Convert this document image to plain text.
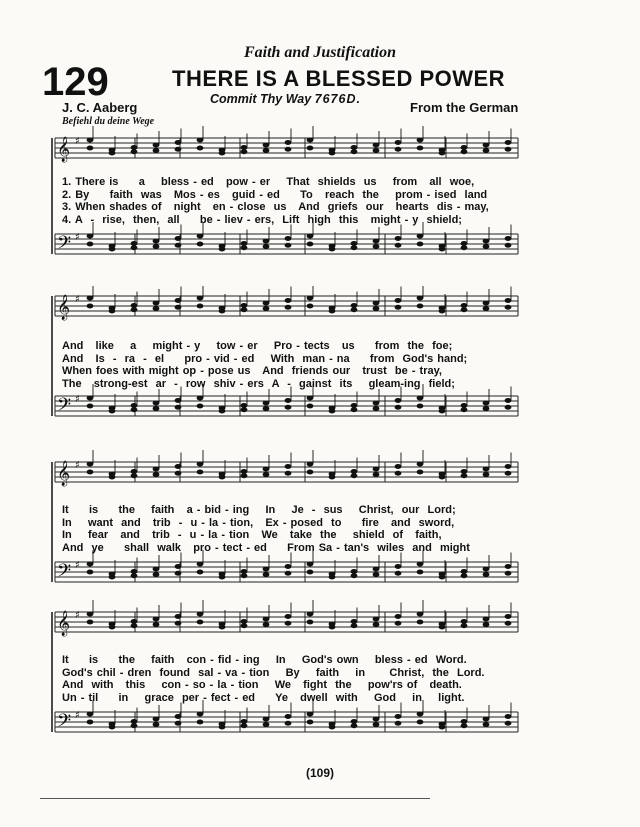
Faith and Justification
129	THERE IS A BLESSED POWER
Commit Thy Way 7676D.
J. C. Aaberg	From the German
Befiehl du deine Wege
𝄞 ♯
𝄢 ♯
1. There is     a    bless - ed   pow - er    That  shields  us    from   all  woe,
2. By     faith  was   Mos - es   guid - ed     To   reach  the    prom - ised  land
3. When shades of   night   en - close  us   And  griefs  our   hearts  dis - may,
4. A  -  rise,  then,  all     be - liev - ers,  Lift  high  this   might - y  shield;
𝄞 ♯
𝄢 ♯
And   like    a    might - y    tow - er    Pro - tects   us     from  the  foe;
And   Is  -  ra  -  el     pro - vid - ed    With  man - na     from  God's hand;
When foes with might op - pose us   And  friends our   trust  be - tray,
The   strong-est  ar  -  row  shiv - ers  A  -  gainst  its    gleam-ing  field;
𝄞 ♯
𝄢 ♯
It     is     the    faith   a - bid - ing    In    Je  -  sus    Christ,  our  Lord;
In    want  and   trib  -  u - la - tion,   Ex - posed  to     fire   and  sword,
In    fear   and   trib  -  u - la - tion   We   take  the    shield  of   faith,
And  ye     shall  walk   pro - tect - ed     From Sa - tan's  wiles  and  might
𝄞 ♯
𝄢 ♯
It     is     the    faith   con - fid - ing    In    God's own    bless - ed  Word.
God's chil - dren  found  sal - va - tion    By    faith    in      Christ,  the  Lord.
And  with   this    con - so - la - tion    We   fight  the    pow'rs of   death.
Un - til     in    grace  per - fect - ed     Ye   dwell  with    God    in    light.
(109)
